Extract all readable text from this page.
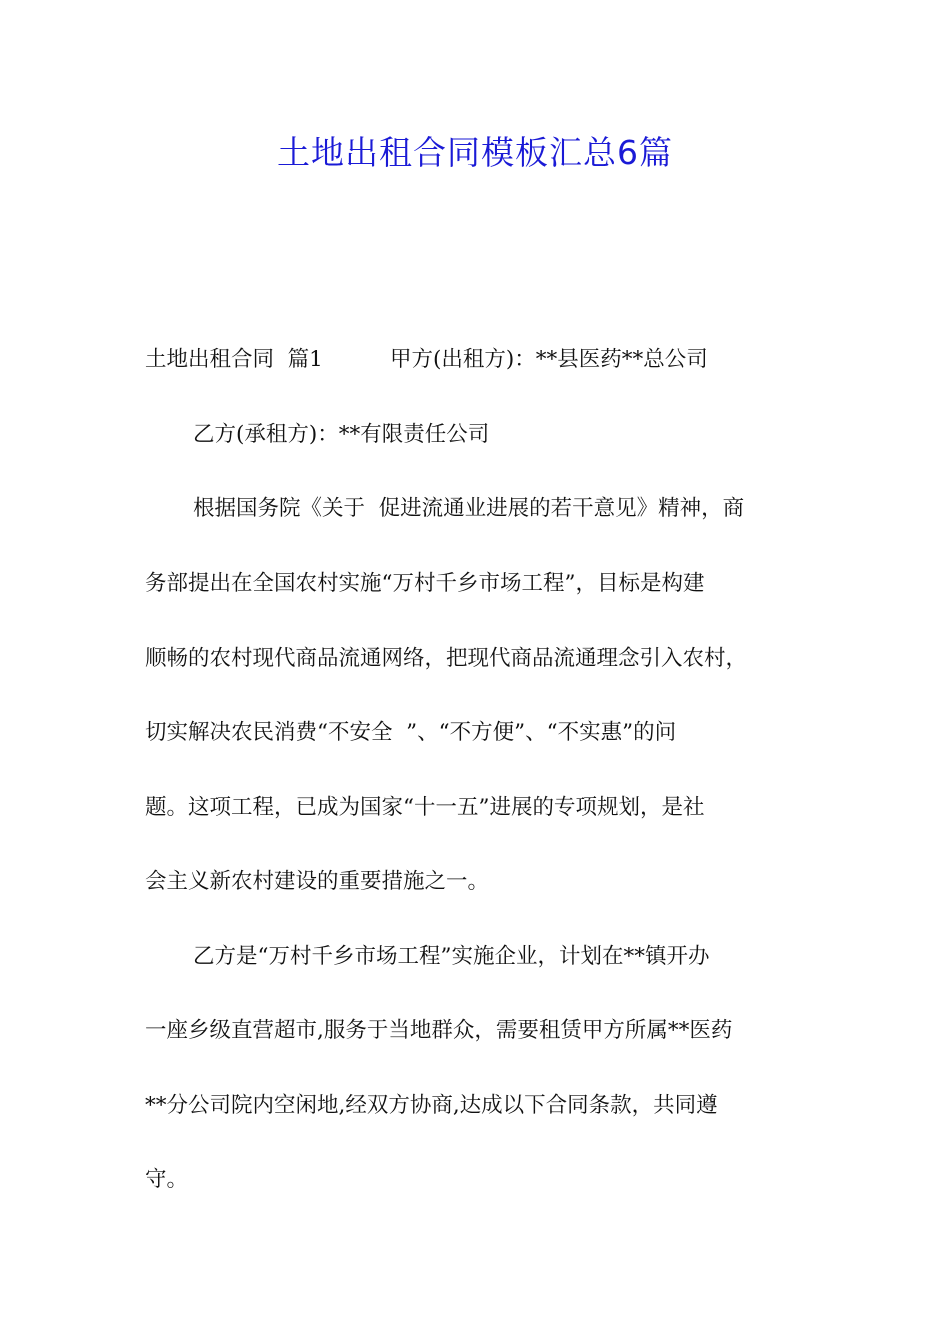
土地出租合同模板汇总6篇

土地出租合同  篇1	甲方(出租方)：**县医药**总公司

乙方(承租方)：**有限责任公司

根据国务院《关于  促进流通业进展的若干意见》精神，商

务部提出在全国农村实施“万村千乡市场工程”，目标是构建

顺畅的农村现代商品流通网络，把现代商品流通理念引入农村，

切实解决农民消费“不安全  ”、“不方便”、“不实惠”的问

题。这项工程，已成为国家“十一五”进展的专项规划，是社

会主义新农村建设的重要措施之一。

乙方是“万村千乡市场工程”实施企业，计划在**镇开办

一座乡级直营超市,服务于当地群众，需要租赁甲方所属**医药

**分公司院内空闲地,经双方协商,达成以下合同条款，共同遵

守。
